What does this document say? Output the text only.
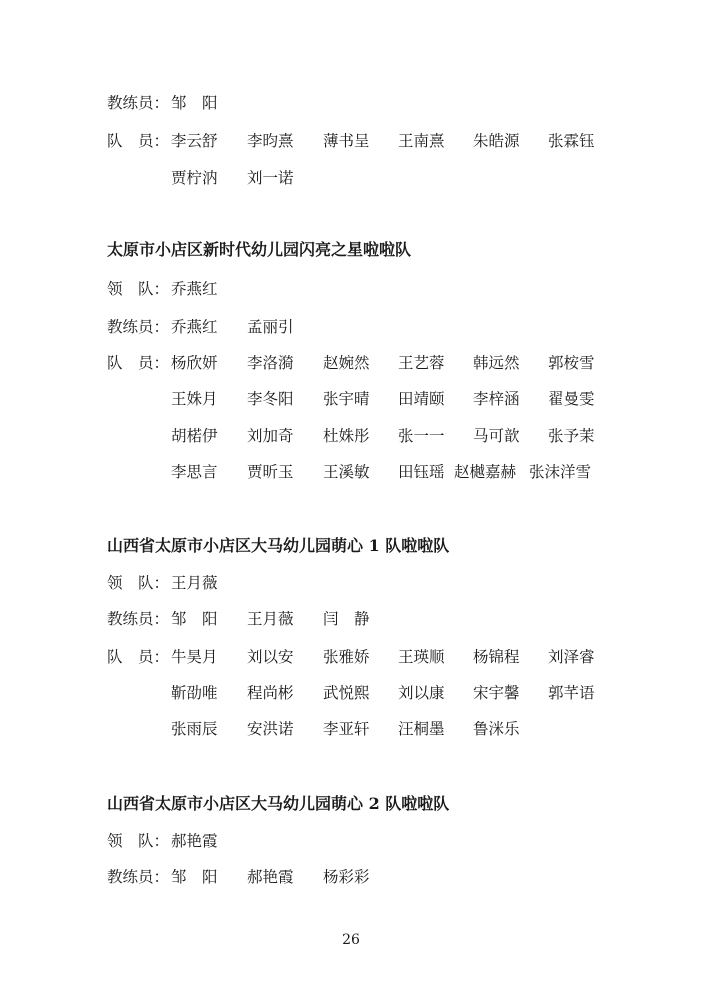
教练员： 邹　阳
队　员： 李云舒 李昀熹 薄书呈 王南熹 朱皓源 张霖钰
贾柠汭 刘一诺
太原市小店区新时代幼儿园闪亮之星啦啦队
领　队： 乔燕红
教练员： 乔燕红 孟丽引
队　员： 杨欣妍 李洛漪 赵婉然 王艺蓉 韩远然 郭桉雪
王姝月 李冬阳 张宇晴 田靖颐 李梓涵 翟曼雯
胡楉伊 刘加奇 杜姝彤 张一一 马可歆 张予茉
李思言 贾昕玉 王溪敏 田钰瑶 赵樾嘉赫 张沫洋雪
山西省太原市小店区大马幼儿园萌心 1 队啦啦队
领　队： 王月薇
教练员： 邹　阳 王月薇 闫　静
队　员： 牛昊月 刘以安 张雅娇 王瑛顺 杨锦程 刘泽睿
靳劭唯 程尚彬 武悦熙 刘以康 宋宇馨 郭芊语
张雨辰 安洪诺 李亚轩 汪桐墨 鲁洣乐
山西省太原市小店区大马幼儿园萌心 2 队啦啦队
领　队： 郝艳霞
教练员： 邹　阳 郝艳霞 杨彩彩
26
